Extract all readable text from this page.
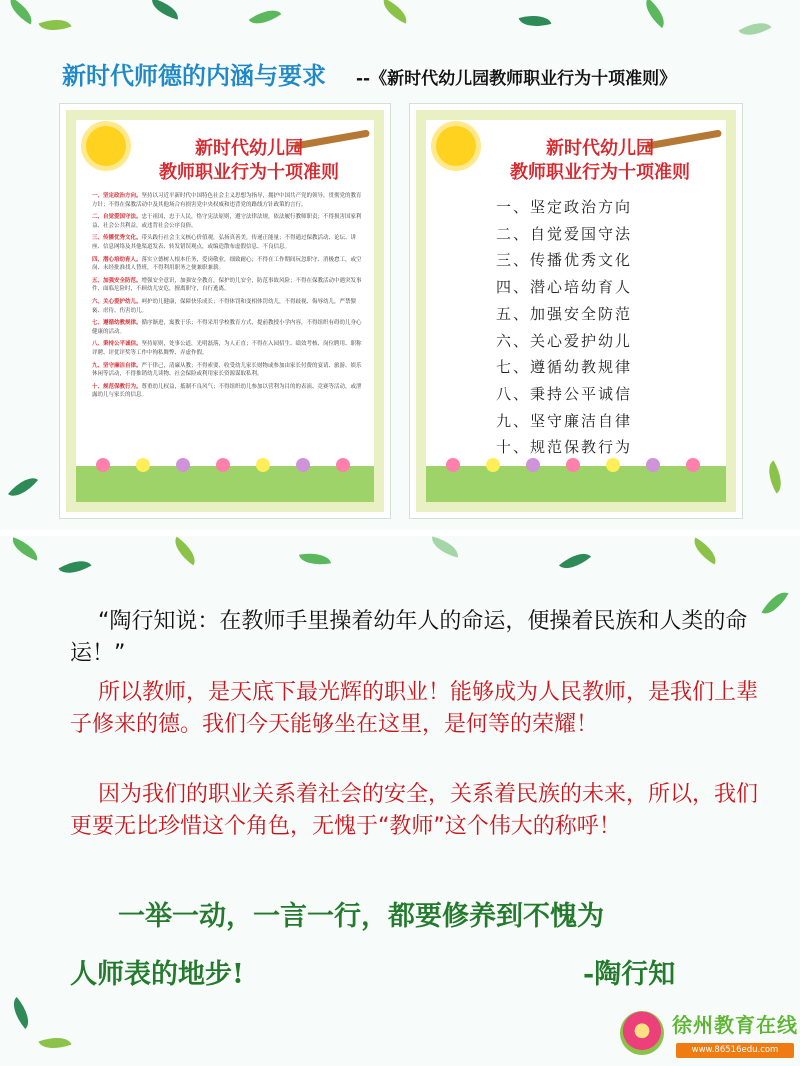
新时代师德的内涵与要求 --《新时代幼儿园教师职业行为十项准则》
新时代幼儿园
教师职业行为十项准则
一、坚定政治方向。坚持以习近平新时代中国特色社会主义思想为指导，拥护中国共产党的领导，贯彻党的教育方针；不得在保教活动中及其他场合有损害党中央权威和违背党的路线方针政策的言行。
二、自觉爱国守法。忠于祖国，忠于人民，恪守宪法原则，遵守法律法规，依法履行教师职责；不得损害国家利益、社会公共利益，或违背社会公序良俗。
三、传播优秀文化。带头践行社会主义核心价值观，弘扬真善美，传递正能量；不得通过保教活动、论坛、讲座、信息网络及其他渠道发表、转发错误观点，或编造散布虚假信息、不良信息。
四、潜心培幼育人。落实立德树人根本任务，爱岗敬业，细致耐心；不得在工作期间玩忽职守、消极怠工，或空岗、未经批准找人替班，不得利用职务之便兼职兼薪。
五、加强安全防范。增强安全意识，加强安全教育，保护幼儿安全，防范事故风险；不得在保教活动中遇突发事件、面临危险时，不顾幼儿安危，擅离职守，自行逃离。
六、关心爱护幼儿。呵护幼儿健康，保障快乐成长；不得体罚和变相体罚幼儿，不得歧视、侮辱幼儿，严禁猥亵、虐待、伤害幼儿。
七、遵循幼教规律。循序渐进，寓教于乐；不得采用学校教育方式，提前教授小学内容，不得组织有碍幼儿身心健康的活动。
八、秉持公平诚信。坚持原则，处事公道，光明磊落，为人正直；不得在入园招生、绩效考核、岗位聘用、职称评聘、评优评奖等工作中徇私舞弊、弄虚作假。
九、坚守廉洁自律。严于律己，清廉从教；不得索要、收受幼儿家长财物或参加由家长付费的宴请、旅游、娱乐休闲等活动，不得推销幼儿读物、社会保险或利用家长资源谋取私利。
十、规范保教行为。尊重幼儿权益，抵制不良风气；不得组织幼儿参加以营利为目的的表演、竞赛等活动，或泄露幼儿与家长的信息。
新时代幼儿园
教师职业行为十项准则
一、坚定政治方向
二、自觉爱国守法
三、传播优秀文化
四、潜心培幼育人
五、加强安全防范
六、关心爱护幼儿
七、遵循幼教规律
八、秉持公平诚信
九、坚守廉洁自律
十、规范保教行为
“陶行知说：在教师手里操着幼年人的命运，便操着民族和人类的命运！”
所以教师，是天底下最光辉的职业！能够成为人民教师，是我们上辈子修来的德。我们今天能够坐在这里，是何等的荣耀！
因为我们的职业关系着社会的安全，关系着民族的未来，所以，我们更要无比珍惜这个角色，无愧于“教师”这个伟大的称呼！
一举一动，一言一行，都要修养到不愧为
人师表的地步!	-陶行知
徐州教育在线
www.86516edu.com
